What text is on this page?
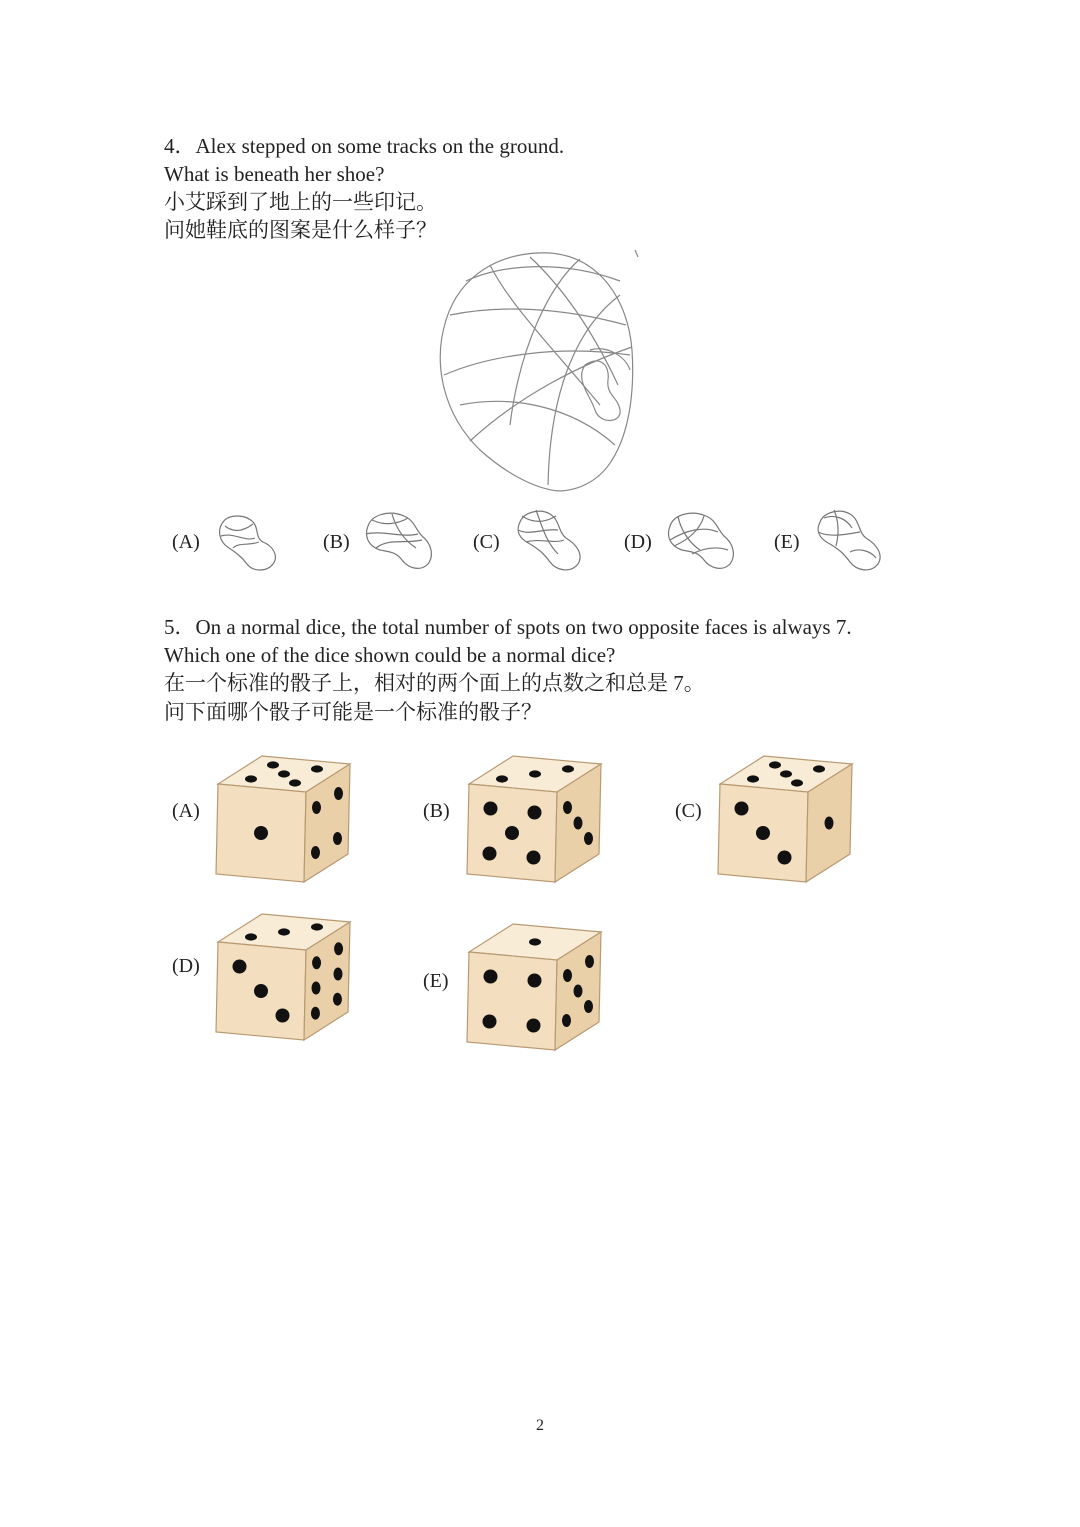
4．Alex stepped on some tracks on the ground.
What is beneath her shoe?
小艾踩到了地上的一些印记。
问她鞋底的图案是什么样子？
(A)	(B)	(C)	(D)	(E)
5．On a normal dice, the total number of spots on two opposite faces is always 7.
Which one of the dice shown could be a normal dice?
在一个标准的骰子上，相对的两个面上的点数之和总是 7。
问下面哪个骰子可能是一个标准的骰子？
(A)	(B)	(C)
(D)
(E)
2
